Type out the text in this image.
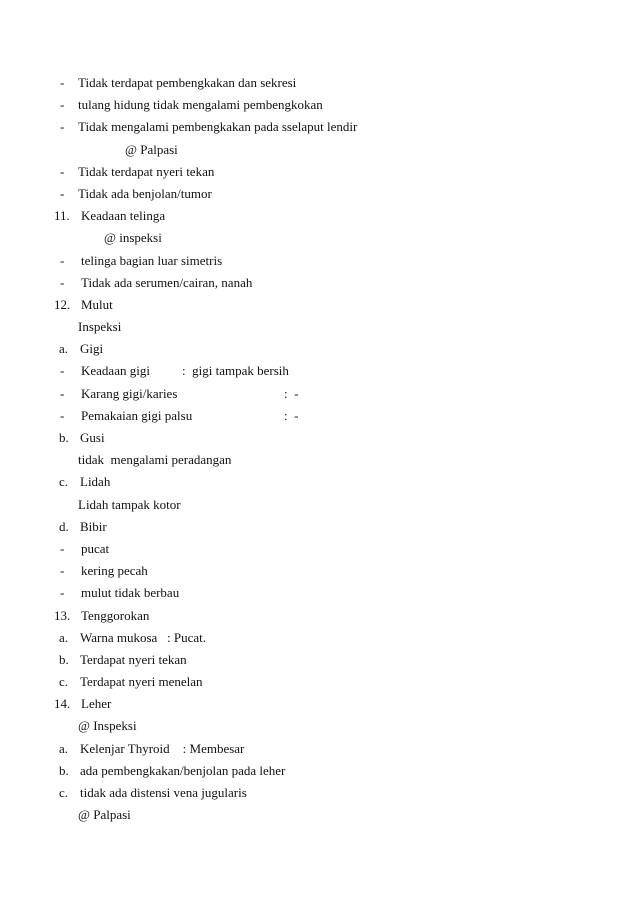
-

Tidak terdapat pembengkakan dan sekresi

-

tulang hidung tidak mengalami pembengkokan

-

Tidak mengalami pembengkakan pada sselaput lendir

@ Palpasi

-

Tidak terdapat nyeri tekan

-

Tidak ada benjolan/tumor

11.

Keadaan telinga

@ inspeksi

-

telinga bagian luar simetris

-

Tidak ada serumen/cairan, nanah

12.

Mulut

Inspeksi

a.

Gigi

-

Keadaan gigi

:  gigi tampak bersih

-

Karang gigi/karies

	:  -

-

Pemakaian gigi palsu

	:  -

b.

Gusi

tidak  mengalami peradangan

c.

Lidah

Lidah tampak kotor

d.

Bibir

-

pucat

-

kering pecah

-

mulut tidak berbau

13.

Tenggorokan

a.

Warna mukosa   : Pucat.

b.

Terdapat nyeri tekan

c.

Terdapat nyeri menelan

14.

Leher

@ Inspeksi

a.

Kelenjar Thyroid    : Membesar

b.

ada pembengkakan/benjolan pada leher

c.

tidak ada distensi vena jugularis

@ Palpasi
